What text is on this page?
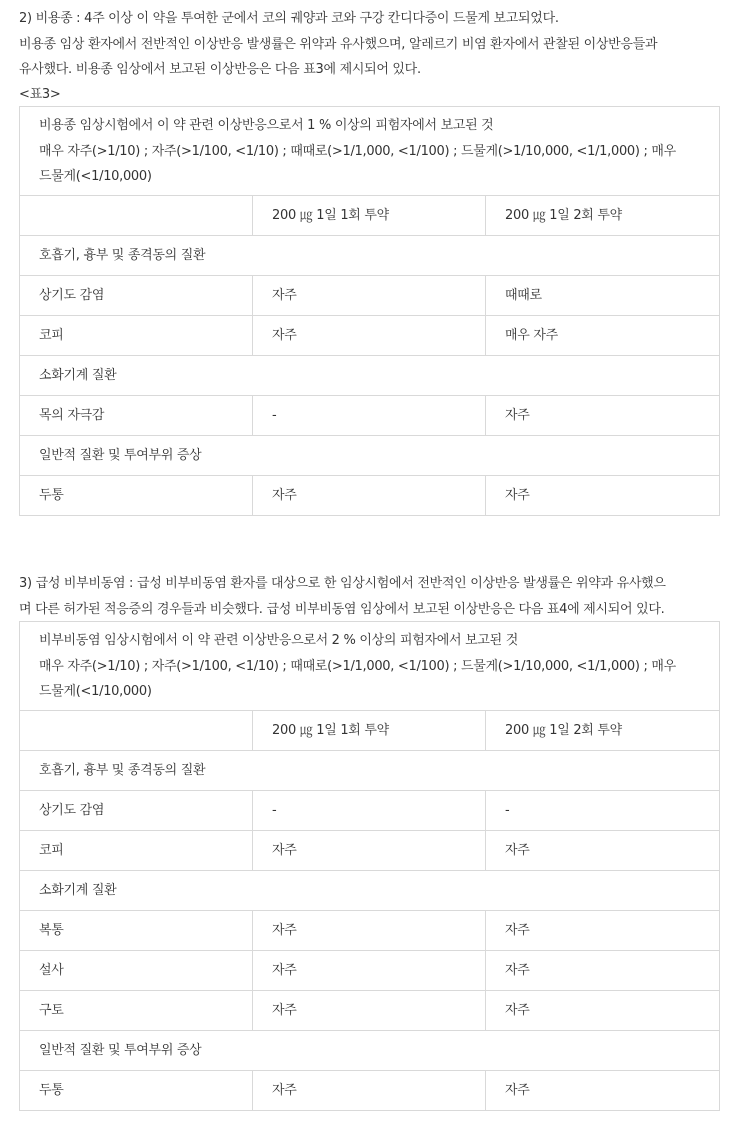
2) 비용종 : 4주 이상 이 약을 투여한 군에서 코의 궤양과 코와 구강 칸디다증이 드물게 보고되었다.

비용종 임상 환자에서 전반적인 이상반응 발생률은 위약과 유사했으며, 알레르기 비염 환자에서 관찰된 이상반응들과

유사했다. 비용종 임상에서 보고된 이상반응은 다음 표3에 제시되어 있다.

<표3>

비용종 임상시험에서 이 약 관련 이상반응으로서 1 % 이상의 피험자에서 보고된 것
매우 자주(>1/10) ; 자주(>1/100, <1/10) ; 때때로(>1/1,000, <1/100) ; 드물게(>1/10,000, <1/1,000) ; 매우
드물게(<1/10,000)		

	200 ㎍ 1일 1회 투약	200 ㎍ 1일 2회 투약
호흡기, 흉부 및 종격동의 질환		
상기도 감염	자주	때때로
코피	자주	매우 자주
소화기계 질환		
목의 자극감	-	자주
일반적 질환 및 투여부위 증상		
두통	자주	자주

3) 급성 비부비동염 : 급성 비부비동염 환자를 대상으로 한 임상시험에서 전반적인 이상반응 발생률은 위약과 유사했으

며 다른 허가된 적응증의 경우들과 비슷했다. 급성 비부비동염 임상에서 보고된 이상반응은 다음 표4에 제시되어 있다.

비부비동염 임상시험에서 이 약 관련 이상반응으로서 2 % 이상의 피험자에서 보고된 것
매우 자주(>1/10) ; 자주(>1/100, <1/10) ; 때때로(>1/1,000, <1/100) ; 드물게(>1/10,000, <1/1,000) ; 매우
드물게(<1/10,000)		

	200 ㎍ 1일 1회 투약	200 ㎍ 1일 2회 투약
호흡기, 흉부 및 종격동의 질환		
상기도 감염	-	-
코피	자주	자주
소화기계 질환		
복통	자주	자주
설사	자주	자주
구토	자주	자주
일반적 질환 및 투여부위 증상		
두통	자주	자주
